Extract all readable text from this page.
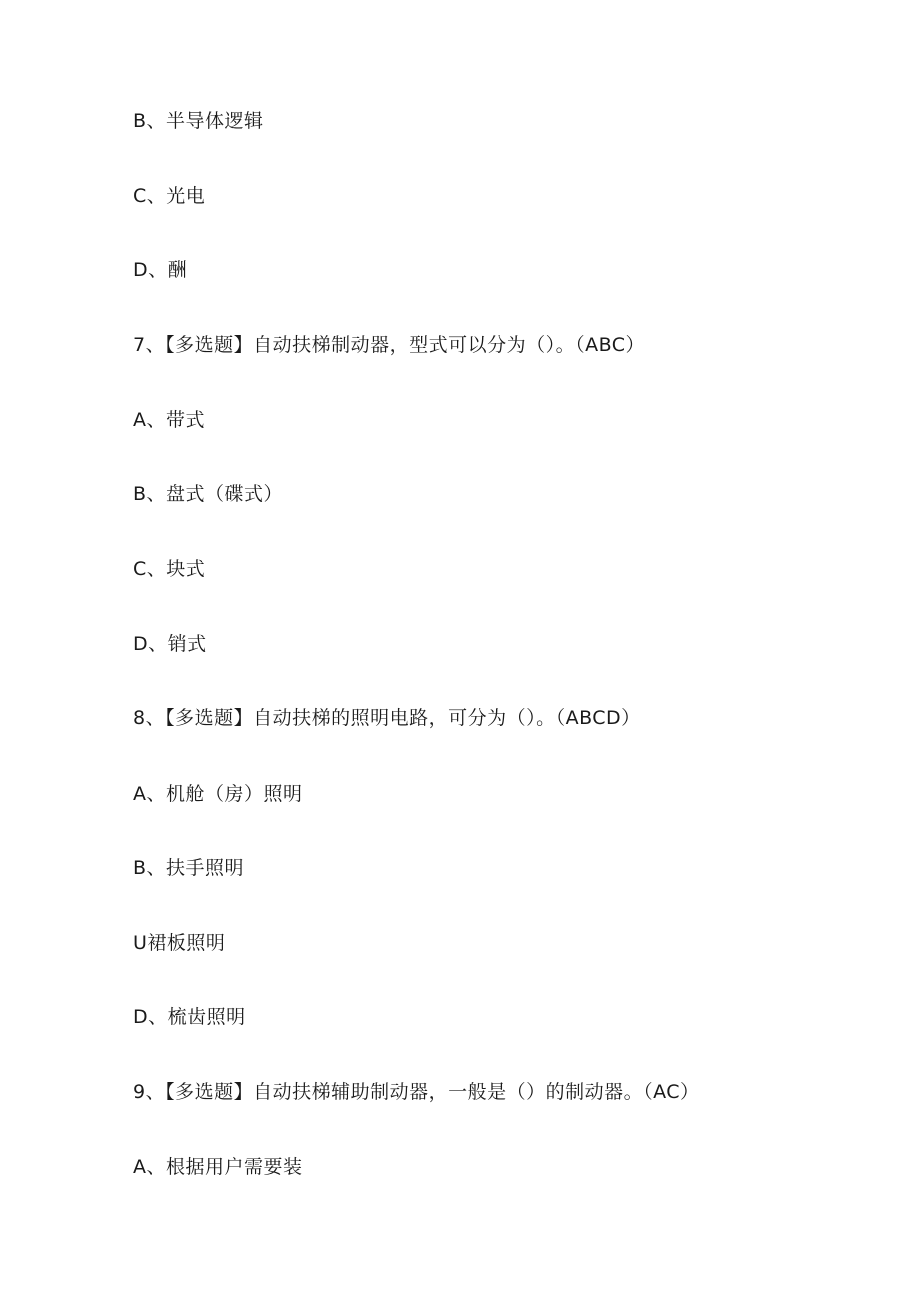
B、半导体逻辑
C、光电
D、酬
7、【多选题】自动扶梯制动器，型式可以分为（）。（ABC）
A、带式
B、盘式（碟式）
C、块式
D、销式
8、【多选题】自动扶梯的照明电路，可分为（）。（ABCD）
A、机舱（房）照明
B、扶手照明
U裙板照明
D、梳齿照明
9、【多选题】自动扶梯辅助制动器，一般是（）的制动器。（AC）
A、根据用户需要装
